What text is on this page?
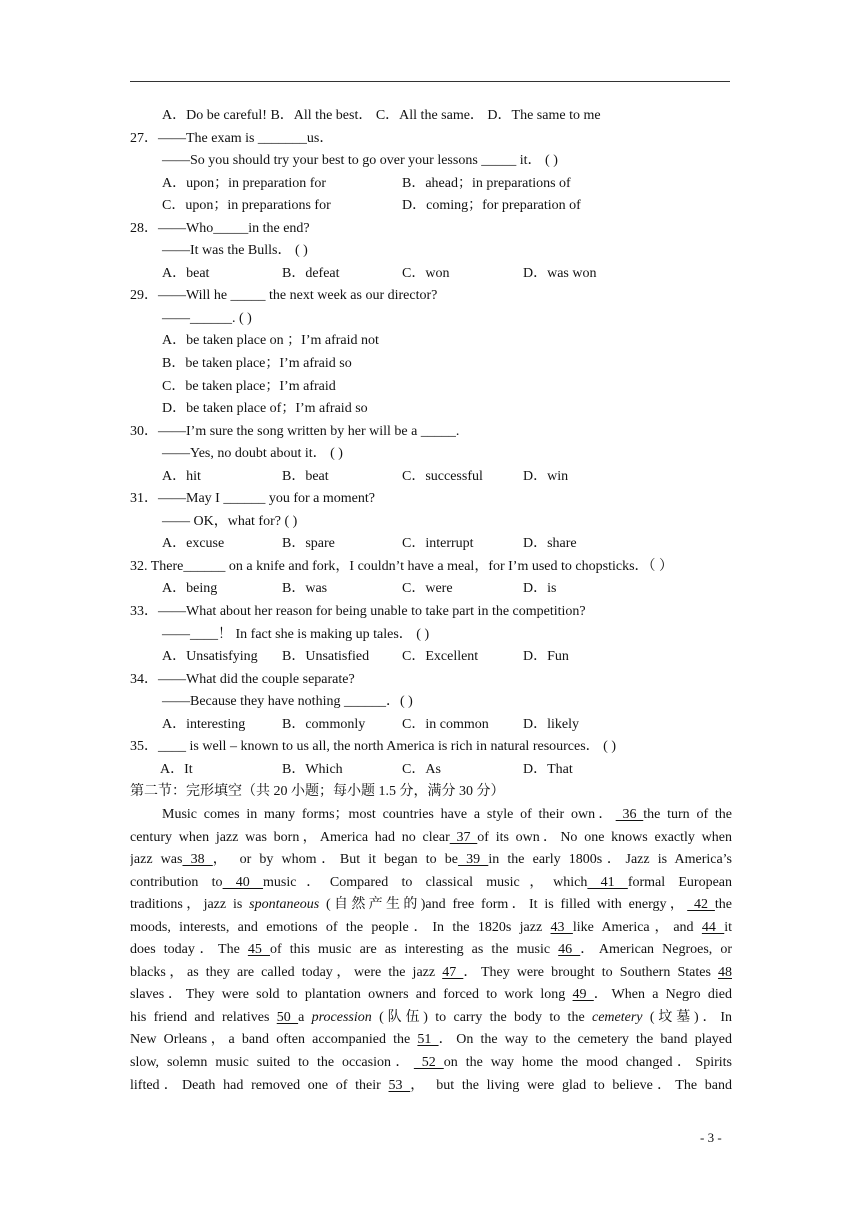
A．Do be careful! B．All the best． C．All the same． D．The same to me
27．——The exam is _______us．
——So you should try your best to go over your lessons _____ it． ( )
A．upon；in preparation for	B．ahead；in preparations of
C．upon；in preparations for	D．coming；for preparation of
28．——Who_____in the end?
——It was the Bulls． ( )
A．beat	B．defeat	C．won	D．was won
29．——Will he _____ the next week as our director?
——______. ( )
A．be taken place on ；I’m afraid not
B．be taken place；I’m afraid so
C．be taken place；I’m afraid
D．be taken place of；I’m afraid so
30．——I’m sure the song written by her will be a _____.
——Yes, no doubt about it． ( )
A．hit	B．beat	C．successful	D．win
31．——May I ______ you for a moment?
—— OK，what for? ( )
A．excuse	B．spare	C．interrupt	D．share
32. There______ on a knife and fork，I couldn’t have a meal，for I’m used to chopsticks．（ ）
A．being	B．was	C．were	D．is
33．——What about her reason for being unable to take part in the competition?
——____！ In fact she is making up tales． ( )
A．Unsatisfying B．Unsatisfied C．Excellent	D．Fun
34．——What did the couple separate?
——Because they have nothing ______．( )
A．interesting	B．commonly	C．in common D．likely
35．____ is well – known to us all, the north America is rich in natural resources． ( )
A．It	B．Which	C．As	D．That
第二节：完形填空（共 20 小题；每小题 1.5 分，满分 30 分）
Music comes in many forms；most countries have a style of their own． 36 the turn of the
century when jazz was born，America had no clear 37 of its own．No one knows exactly when
jazz was 38 ， or by whom．But it began to be 39 in the early 1800s．Jazz is America’s
contribution to 40 music．Compared to classical music，which 41 formal European
traditions，jazz is spontaneous (自然产生的)and free form．It is filled with energy， 42 the
moods, interests, and emotions of the people．In the 1820s jazz 43 like America，and 44 it
does today．The 45 of this music are as interesting as the music 46 ．American Negroes, or
blacks，as they are called today，were the jazz 47 ．They were brought to Southern States 48
slaves．They were sold to plantation owners and forced to work long 49 ．When a Negro died
his friend and relatives 50 a procession (队伍) to carry the body to the cemetery (坟墓)．In
New Orleans，a band often accompanied the 51 ．On the way to the cemetery the band played
slow, solemn music suited to the occasion． 52 on the way home the mood changed．Spirits
lifted．Death had removed one of their 53 ， but the living were glad to believe．The band
- 3 -
